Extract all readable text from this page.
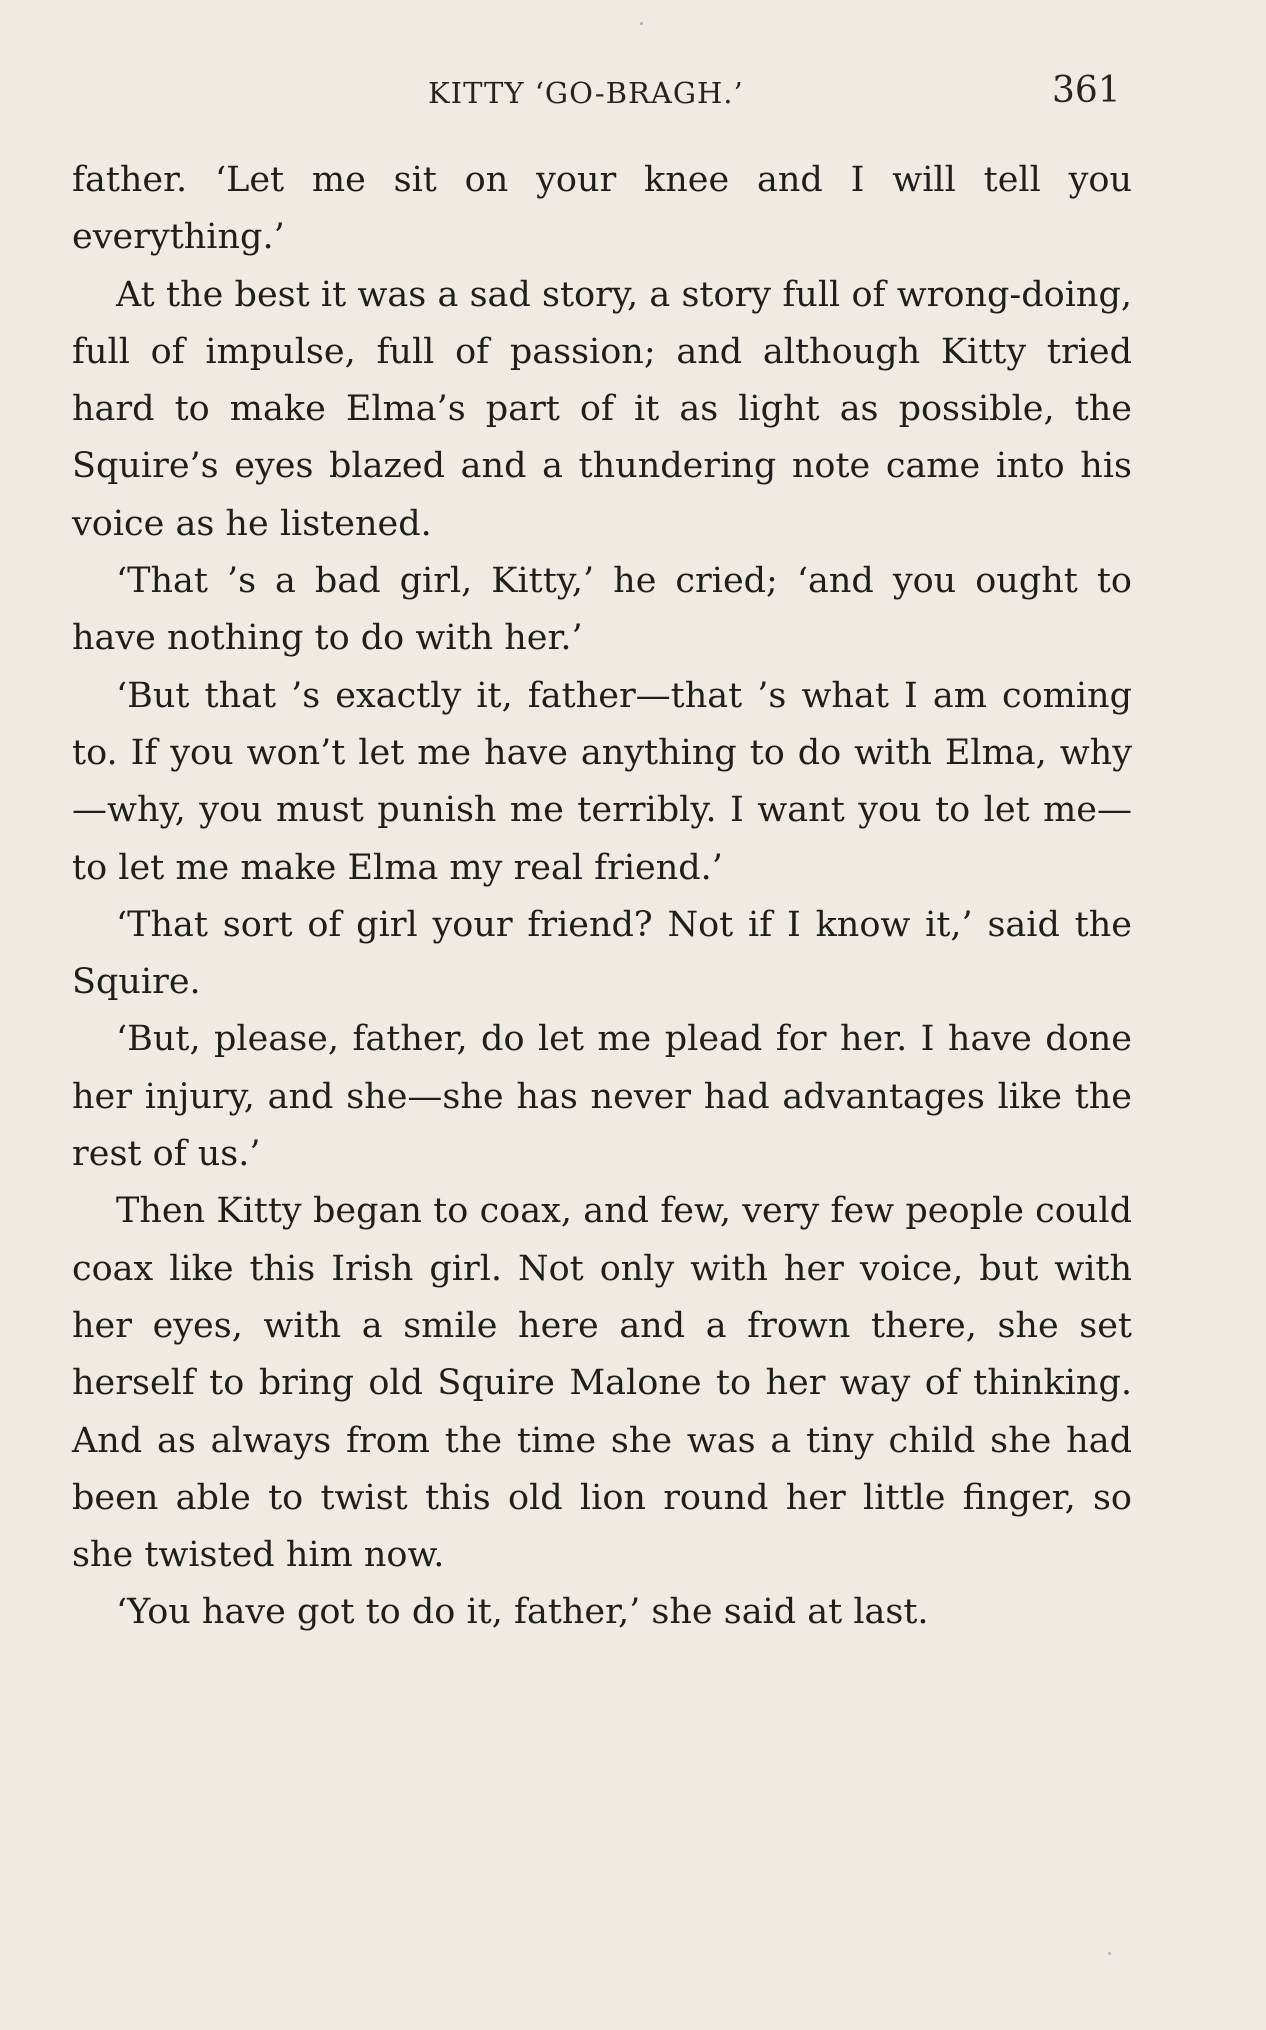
KITTY ‘GO-BRAGH.’	361

father. ‘Let me sit on your knee and I will tell you everything.’

At the best it was a sad story, a story full of wrong-doing, full of impulse, full of passion; and although Kitty tried hard to make Elma’s part of it as light as possible, the Squire’s eyes blazed and a thundering note came into his voice as he listened.

‘That ’s a bad girl, Kitty,’ he cried; ‘and you ought to have nothing to do with her.’

‘But that ’s exactly it, father—that ’s what I am coming to. If you won’t let me have anything to do with Elma, why—why, you must punish me terribly. I want you to let me—to let me make Elma my real friend.’

‘That sort of girl your friend? Not if I know it,’ said the Squire.

‘But, please, father, do let me plead for her. I have done her injury, and she—she has never had advantages like the rest of us.’

Then Kitty began to coax, and few, very few people could coax like this Irish girl. Not only with her voice, but with her eyes, with a smile here and a frown there, she set herself to bring old Squire Malone to her way of thinking. And as always from the time she was a tiny child she had been able to twist this old lion round her little finger, so she twisted him now.

‘You have got to do it, father,’ she said at last.
